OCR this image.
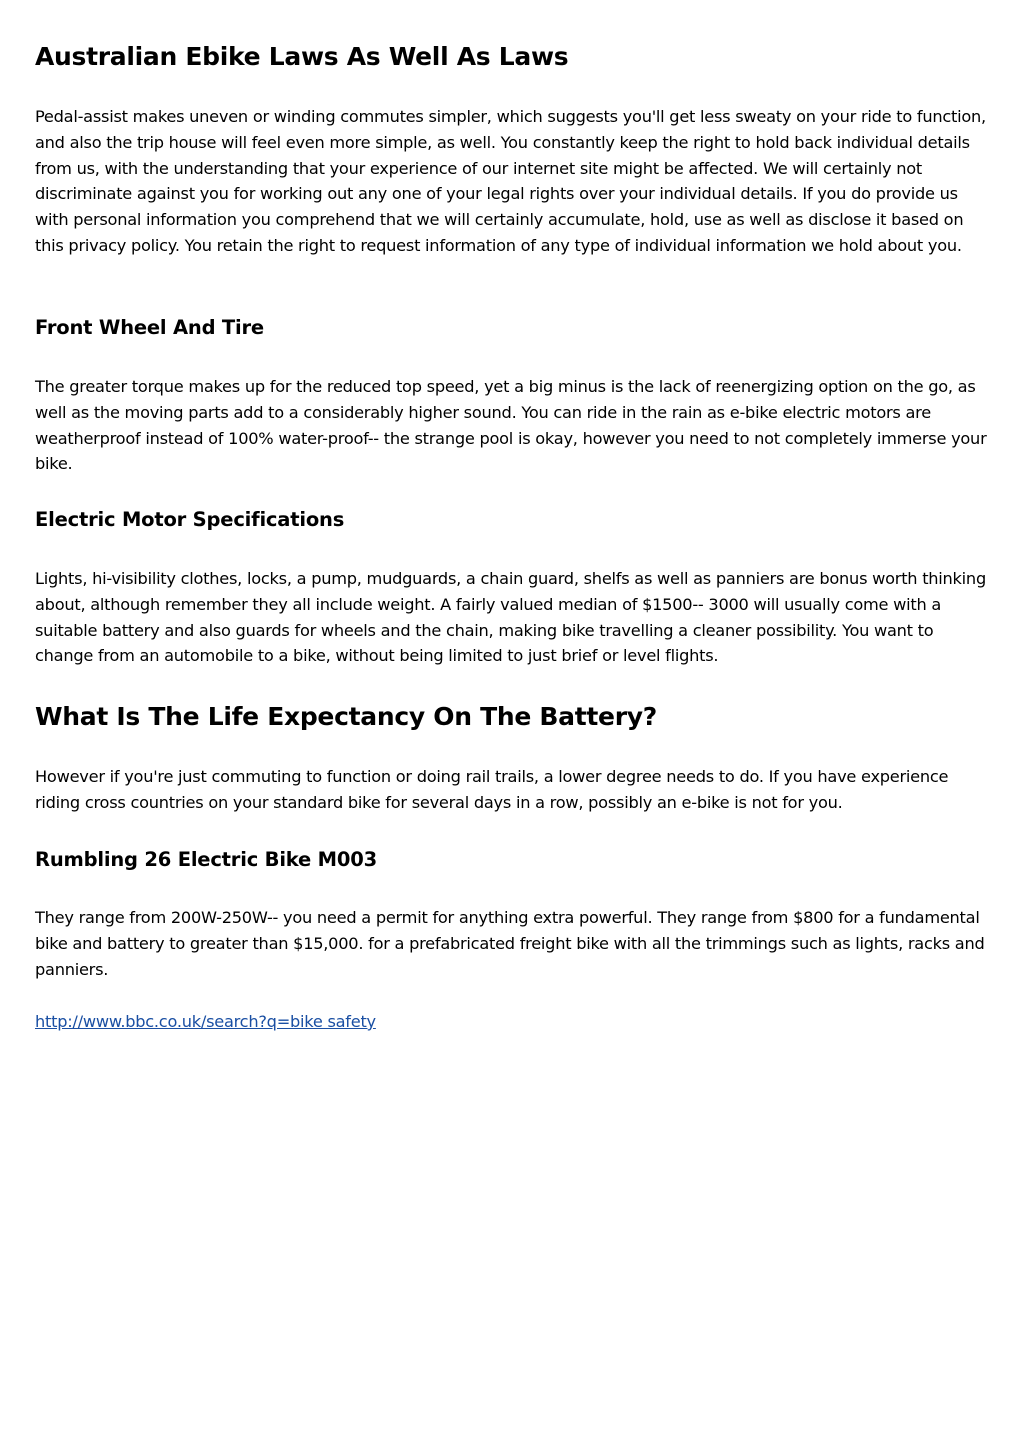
Australian Ebike Laws As Well As Laws

Pedal-assist makes uneven or winding commutes simpler, which suggests you'll get less sweaty on your ride to function, and also the trip house will feel even more simple, as well. You constantly keep the right to hold back individual details from us, with the understanding that your experience of our internet site might be affected. We will certainly not discriminate against you for working out any one of your legal rights over your individual details. If you do provide us with personal information you comprehend that we will certainly accumulate, hold, use as well as disclose it based on this privacy policy. You retain the right to request information of any type of individual information we hold about you.

Front Wheel And Tire

The greater torque makes up for the reduced top speed, yet a big minus is the lack of reenergizing option on the go, as well as the moving parts add to a considerably higher sound. You can ride in the rain as e-bike electric motors are weatherproof instead of 100% water-proof-- the strange pool is okay, however you need to not completely immerse your bike.

Electric Motor Specifications

Lights, hi-visibility clothes, locks, a pump, mudguards, a chain guard, shelfs as well as panniers are bonus worth thinking about, although remember they all include weight. A fairly valued median of $1500-- 3000 will usually come with a suitable battery and also guards for wheels and the chain, making bike travelling a cleaner possibility. You want to change from an automobile to a bike, without being limited to just brief or level flights.

What Is The Life Expectancy On The Battery?

However if you're just commuting to function or doing rail trails, a lower degree needs to do. If you have experience riding cross countries on your standard bike for several days in a row, possibly an e-bike is not for you.

Rumbling 26 Electric Bike M003

They range from 200W-250W-- you need a permit for anything extra powerful. They range from $800 for a fundamental bike and battery to greater than $15,000. for a prefabricated freight bike with all the trimmings such as lights, racks and panniers.

http://www.bbc.co.uk/search?q=bike safety
